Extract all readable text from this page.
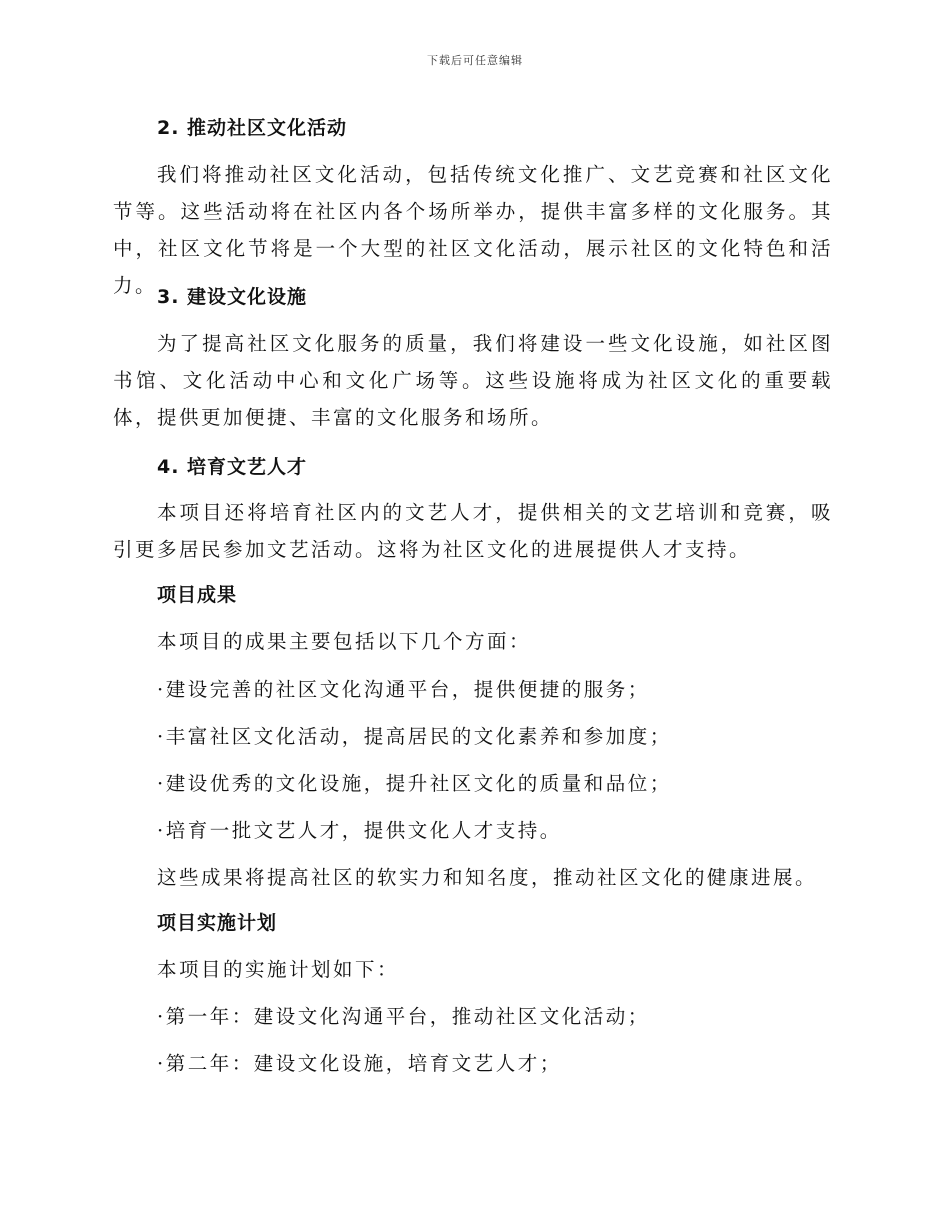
下载后可任意编辑

2. 推动社区文化活动

我们将推动社区文化活动，包括传统文化推广、文艺竞赛和社区文化节等。这些活动将在社区内各个场所举办，提供丰富多样的文化服务。其中，社区文化节将是一个大型的社区文化活动，展示社区的文化特色和活力。 3. 建设文化设施

为了提高社区文化服务的质量，我们将建设一些文化设施，如社区图书馆、文化活动中心和文化广场等。这些设施将成为社区文化的重要载体，提供更加便捷、丰富的文化服务和场所。

4. 培育文艺人才

本项目还将培育社区内的文艺人才，提供相关的文艺培训和竞赛，吸引更多居民参加文艺活动。这将为社区文化的进展提供人才支持。

项目成果

本项目的成果主要包括以下几个方面：

·建设完善的社区文化沟通平台，提供便捷的服务；

·丰富社区文化活动，提高居民的文化素养和参加度；

·建设优秀的文化设施，提升社区文化的质量和品位；

·培育一批文艺人才，提供文化人才支持。

这些成果将提高社区的软实力和知名度，推动社区文化的健康进展。

项目实施计划

本项目的实施计划如下：

·第一年：建设文化沟通平台，推动社区文化活动；

·第二年：建设文化设施，培育文艺人才；
